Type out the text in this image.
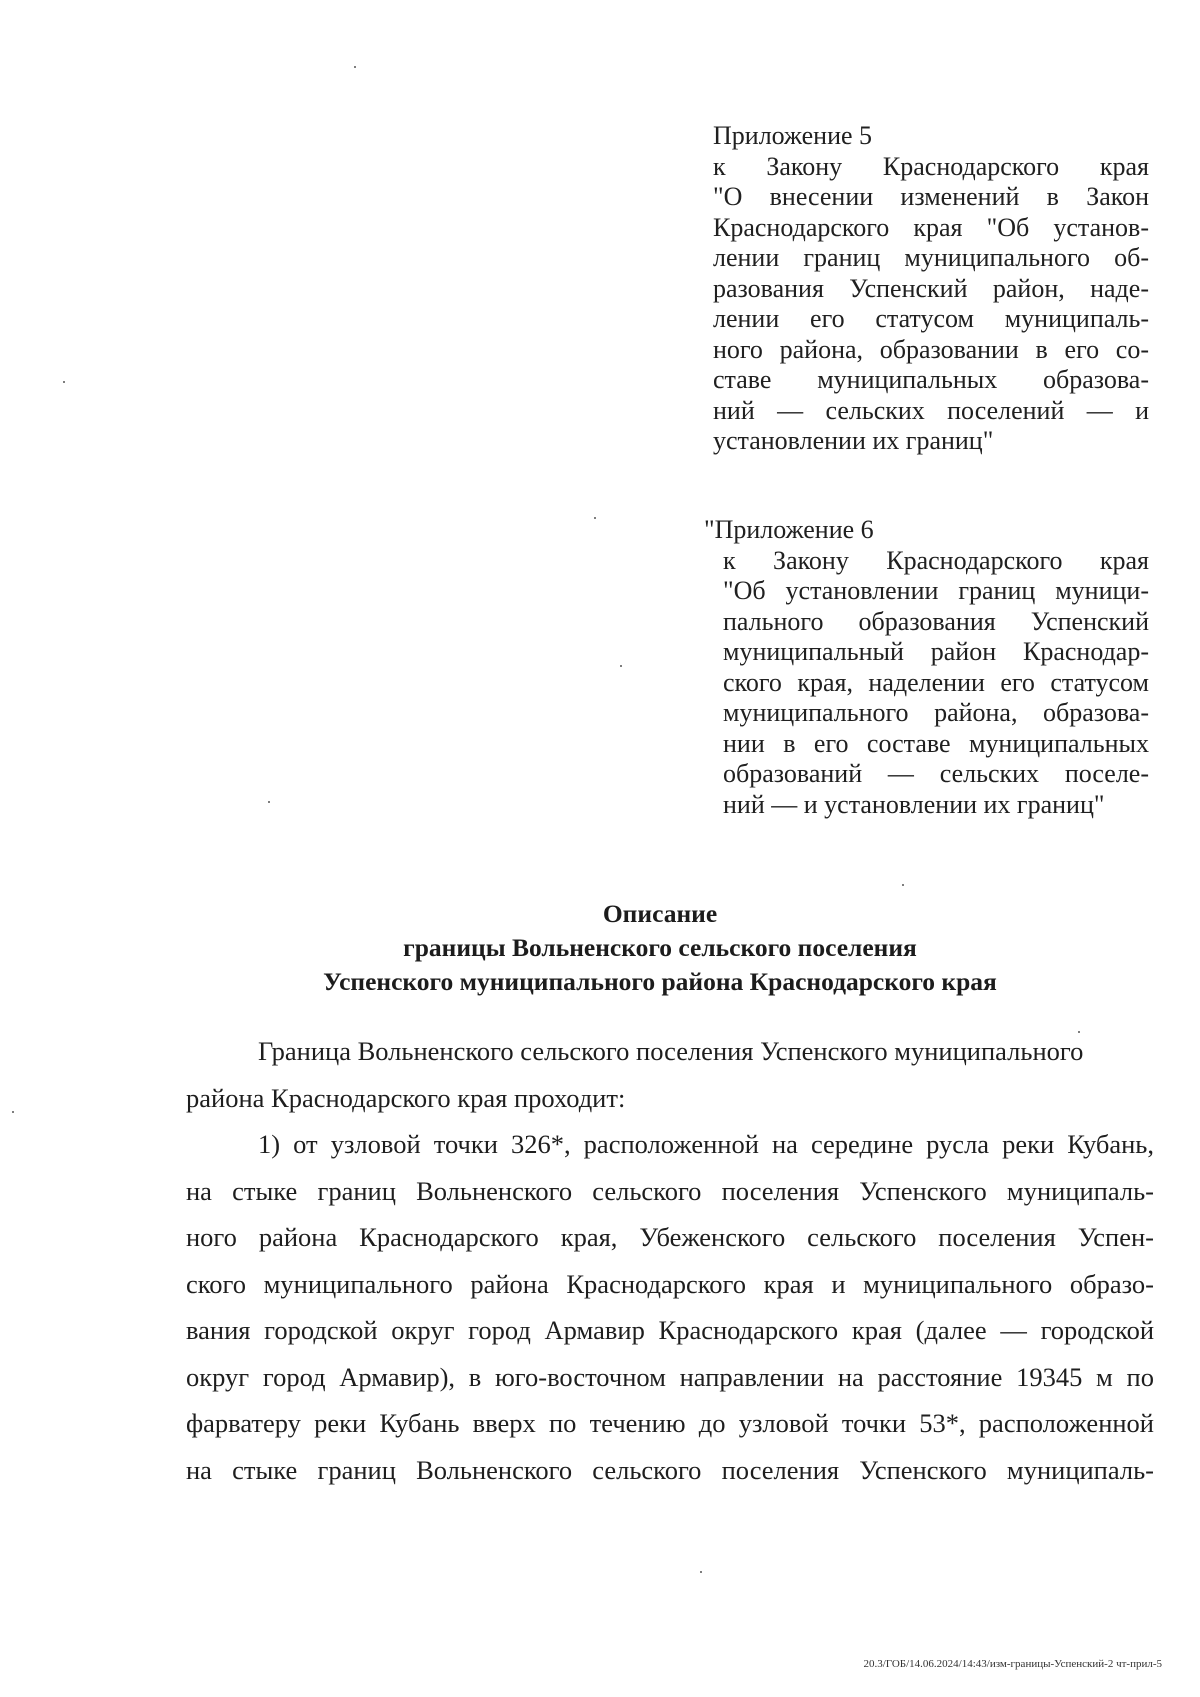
Приложение 5
к Закону Краснодарского края
"О внесении изменений в Закон
Краснодарского края "Об установ-
лении границ муниципального об-
разования Успенский район, наде-
лении его статусом муниципаль-
ного района, образовании в его со-
ставе муниципальных образова-
ний — сельских поселений — и
установлении их границ"
"Приложение 6
к Закону Краснодарского края
"Об установлении границ муници-
пального образования Успенский
муниципальный район Краснодар-
ского края, наделении его статусом
муниципального района, образова-
нии в его составе муниципальных
образований — сельских поселе-
ний — и установлении их границ"
Описание
границы Вольненского сельского поселения
Успенского муниципального района Краснодарского края
Граница Вольненского сельского поселения Успенского муниципального
района Краснодарского края проходит:
1) от узловой точки 326*, расположенной на середине русла реки Кубань,
на стыке границ Вольненского сельского поселения Успенского муниципаль-
ного района Краснодарского края, Убеженского сельского поселения Успен-
ского муниципального района Краснодарского края и муниципального образо-
вания городской округ город Армавир Краснодарского края (далее — городской
округ город Армавир), в юго-восточном направлении на расстояние 19345 м по
фарватеру реки Кубань вверх по течению до узловой точки 53*, расположенной
на стыке границ Вольненского сельского поселения Успенского муниципаль-
20.3/ГОБ/14.06.2024/14:43/изм-границы-Успенский-2 чт-прил-5
